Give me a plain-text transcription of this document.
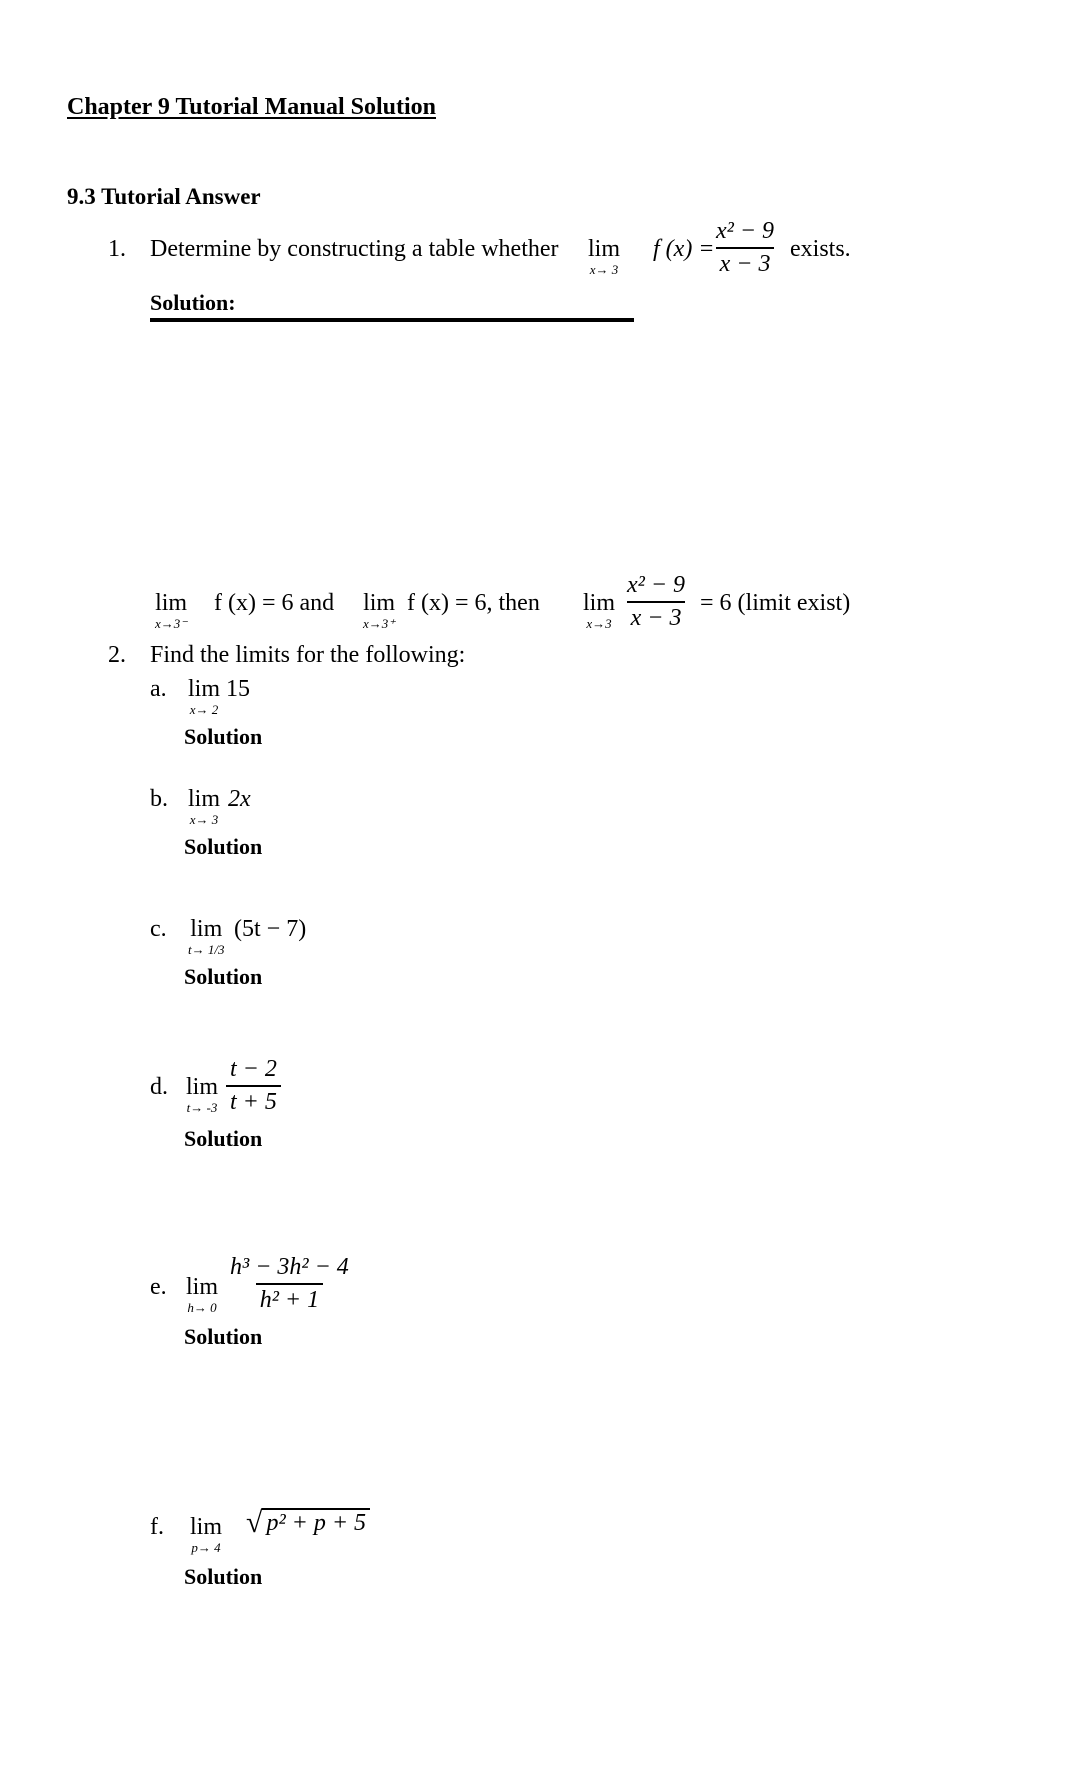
Chapter 9 Tutorial Manual Solution
9.3 Tutorial Answer
1. Determine by constructing a table whether lim
x→ 3
f (x) =
$\frac{\text{x² − 9}}{x - 3}$ exists.
Solution:
lim
x→3⁻
f (x) = 6 and lim
x→3⁺
f (x) = 6, then lim
$x\to 3 \frac{\text{x² − 9}}{x - 3} = 6$ (limit exist)
2. Find the limits for the following:
a. lim
x→ 2
15
Solution
b. lim
x→ 3
2x
Solution
c. lim
t→ 1/3
(5t − 7)
Solution
d. lim
$t\to -3 \frac{t - 2}{t + 5}$
Solution
e. lim
$h\to 0 \frac{\text{h³ − 3h² − 4}}{\text{h² + 1}}$
Solution
f. lim
p→ 4
√ p² + p + 5
Solution
